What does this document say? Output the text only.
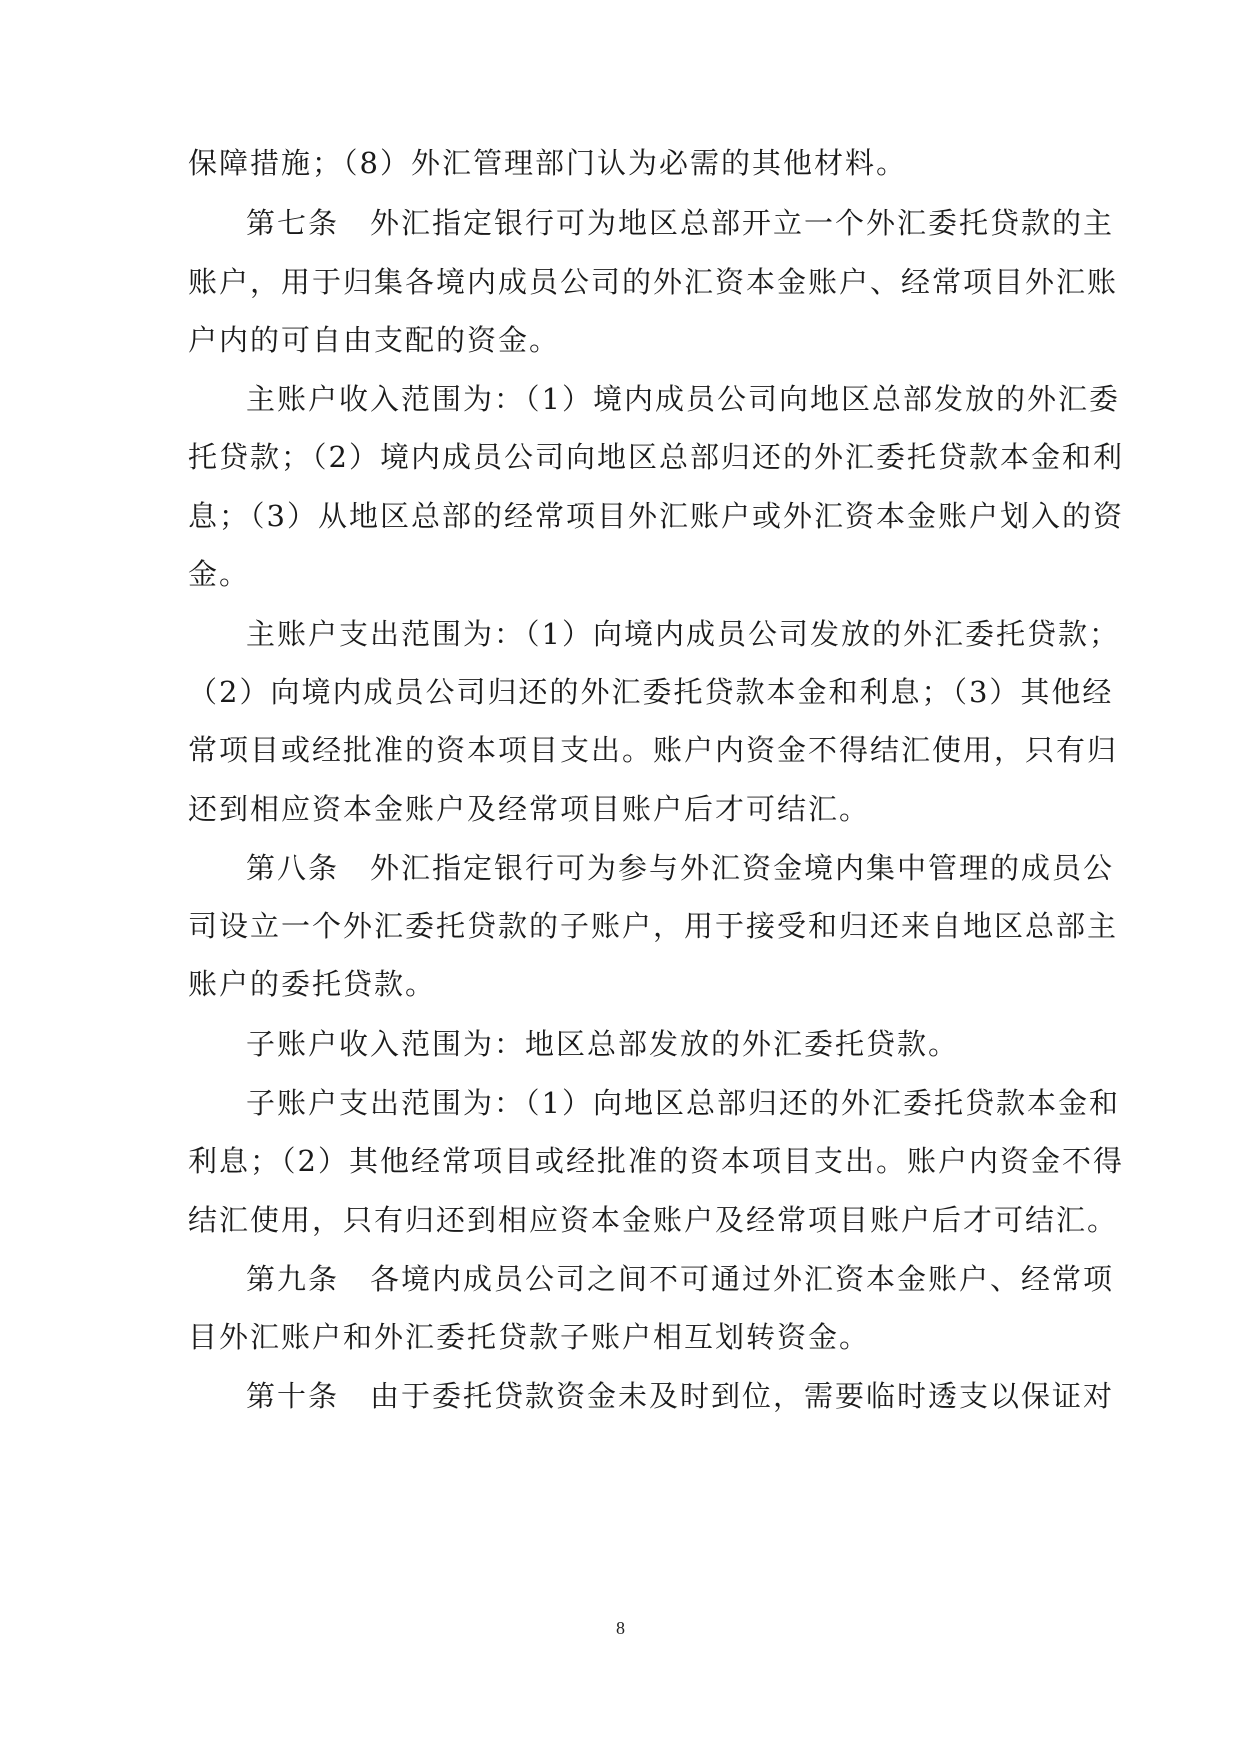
保障措施；（8）外汇管理部门认为必需的其他材料。
第七条　外汇指定银行可为地区总部开立一个外汇委托贷款的主
账户，用于归集各境内成员公司的外汇资本金账户、经常项目外汇账
户内的可自由支配的资金。
主账户收入范围为：（1）境内成员公司向地区总部发放的外汇委
托贷款；（2）境内成员公司向地区总部归还的外汇委托贷款本金和利
息；（3）从地区总部的经常项目外汇账户或外汇资本金账户划入的资
金。
主账户支出范围为：（1）向境内成员公司发放的外汇委托贷款；
（2）向境内成员公司归还的外汇委托贷款本金和利息；（3）其他经
常项目或经批准的资本项目支出。账户内资金不得结汇使用，只有归
还到相应资本金账户及经常项目账户后才可结汇。
第八条　外汇指定银行可为参与外汇资金境内集中管理的成员公
司设立一个外汇委托贷款的子账户，用于接受和归还来自地区总部主
账户的委托贷款。
子账户收入范围为：地区总部发放的外汇委托贷款。
子账户支出范围为：（1）向地区总部归还的外汇委托贷款本金和
利息；（2）其他经常项目或经批准的资本项目支出。账户内资金不得
结汇使用，只有归还到相应资本金账户及经常项目账户后才可结汇。
第九条　各境内成员公司之间不可通过外汇资本金账户、经常项
目外汇账户和外汇委托贷款子账户相互划转资金。
第十条　由于委托贷款资金未及时到位，需要临时透支以保证对
8
